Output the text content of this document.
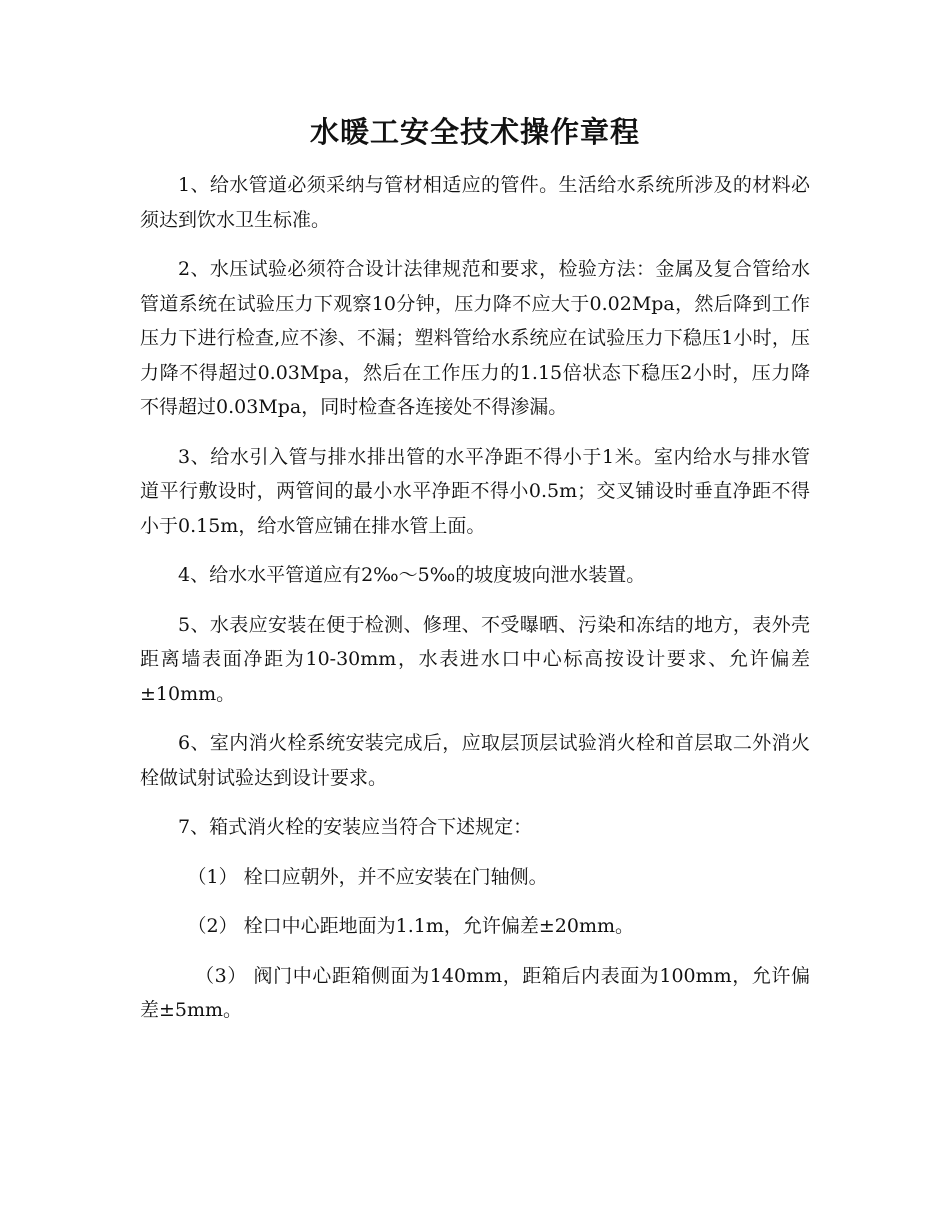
水暖工安全技术操作章程

1、给水管道必须采纳与管材相适应的管件。生活给水系统所涉及的材料必须达到饮水卫生标准。

2、水压试验必须符合设计法律规范和要求，检验方法：金属及复合管给水管道系统在试验压力下观察10分钟，压力降不应大于0.02Mpa，然后降到工作压力下进行检查,应不渗、不漏；塑料管给水系统应在试验压力下稳压1小时，压力降不得超过0.03Mpa，然后在工作压力的1.15倍状态下稳压2小时，压力降不得超过0.03Mpa，同时检查各连接处不得渗漏。

3、给水引入管与排水排出管的水平净距不得小于1米。室内给水与排水管道平行敷设时，两管间的最小水平净距不得小0.5m；交叉铺设时垂直净距不得小于0.15m，给水管应铺在排水管上面。

4、给水水平管道应有2‰～5‰的坡度坡向泄水装置。

5、水表应安装在便于检测、修理、不受曝晒、污染和冻结的地方，表外壳距离墙表面净距为10-30mm，水表进水口中心标高按设计要求、允许偏差±10mm。

6、室内消火栓系统安装完成后，应取层顶层试验消火栓和首层取二外消火栓做试射试验达到设计要求。

7、箱式消火栓的安装应当符合下述规定：

（1） 栓口应朝外，并不应安装在门轴侧。

（2） 栓口中心距地面为1.1m，允许偏差±20mm。

（3） 阀门中心距箱侧面为140mm，距箱后内表面为100mm，允许偏差±5mm。
